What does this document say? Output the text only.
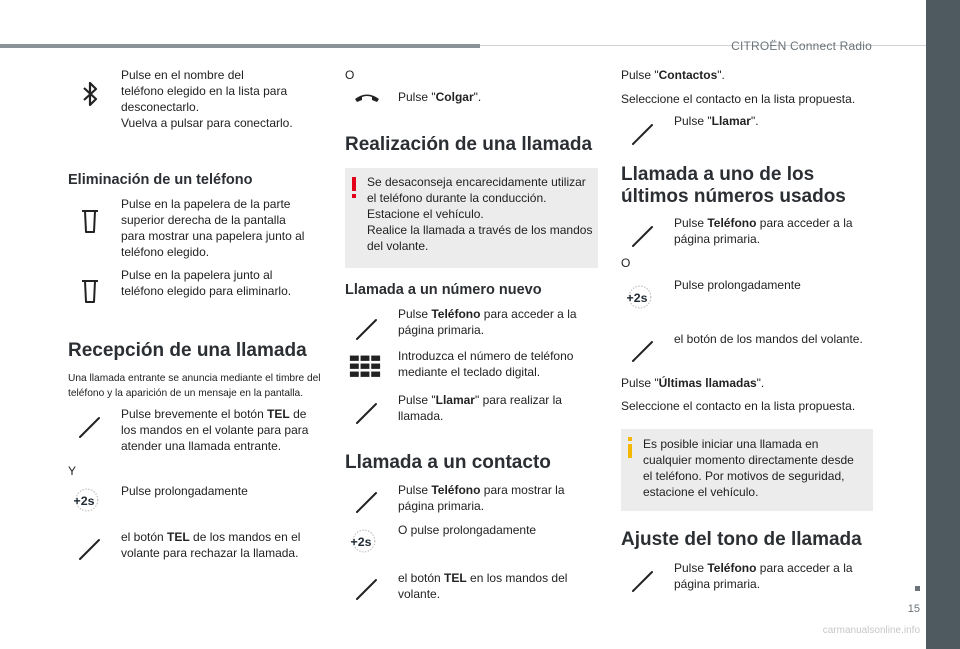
CITROËN Connect Radio
15
carmanualsonline.info

Pulse en el nombre del
teléfono elegido en la lista para
desconectarlo.
Vuelva a pulsar para conectarlo.

Eliminación de un teléfono

Pulse en la papelera de la parte superior derecha de la pantalla para mostrar una papelera junto al teléfono elegido.

Pulse en la papelera junto al teléfono elegido para eliminarlo.

Recepción de una llamada

Una llamada entrante se anuncia mediante el timbre del teléfono y la aparición de un mensaje en la pantalla.

Pulse brevemente el botón TEL de los mandos en el volante para para atender una llamada entrante.

Y

+2s

Pulse prolongadamente

el botón TEL de los mandos en el volante para rechazar la llamada.

O

Pulse "Colgar".

Realización de una llamada

Se desaconseja encarecidamente utilizar el teléfono durante la conducción.
Estacione el vehículo.
Realice la llamada a través de los mandos del volante.

Llamada a un número nuevo

Pulse Teléfono para acceder a la página primaria.

Introduzca el número de teléfono mediante el teclado digital.

Pulse "Llamar" para realizar la llamada.

Llamada a un contacto

Pulse Teléfono para mostrar la página primaria.

+2s

O pulse prolongadamente

el botón TEL en los mandos del volante.

Pulse "Contactos".

Seleccione el contacto en la lista propuesta.

Pulse "Llamar".

Llamada a uno de los últimos números usados

Pulse Teléfono para acceder a la página primaria.

O

+2s

Pulse prolongadamente

el botón de los mandos del volante.

Pulse "Últimas llamadas".

Seleccione el contacto en la lista propuesta.

Es posible iniciar una llamada en cualquier momento directamente desde el teléfono. Por motivos de seguridad, estacione el vehículo.

Ajuste del tono de llamada

Pulse Teléfono para acceder a la página primaria.
